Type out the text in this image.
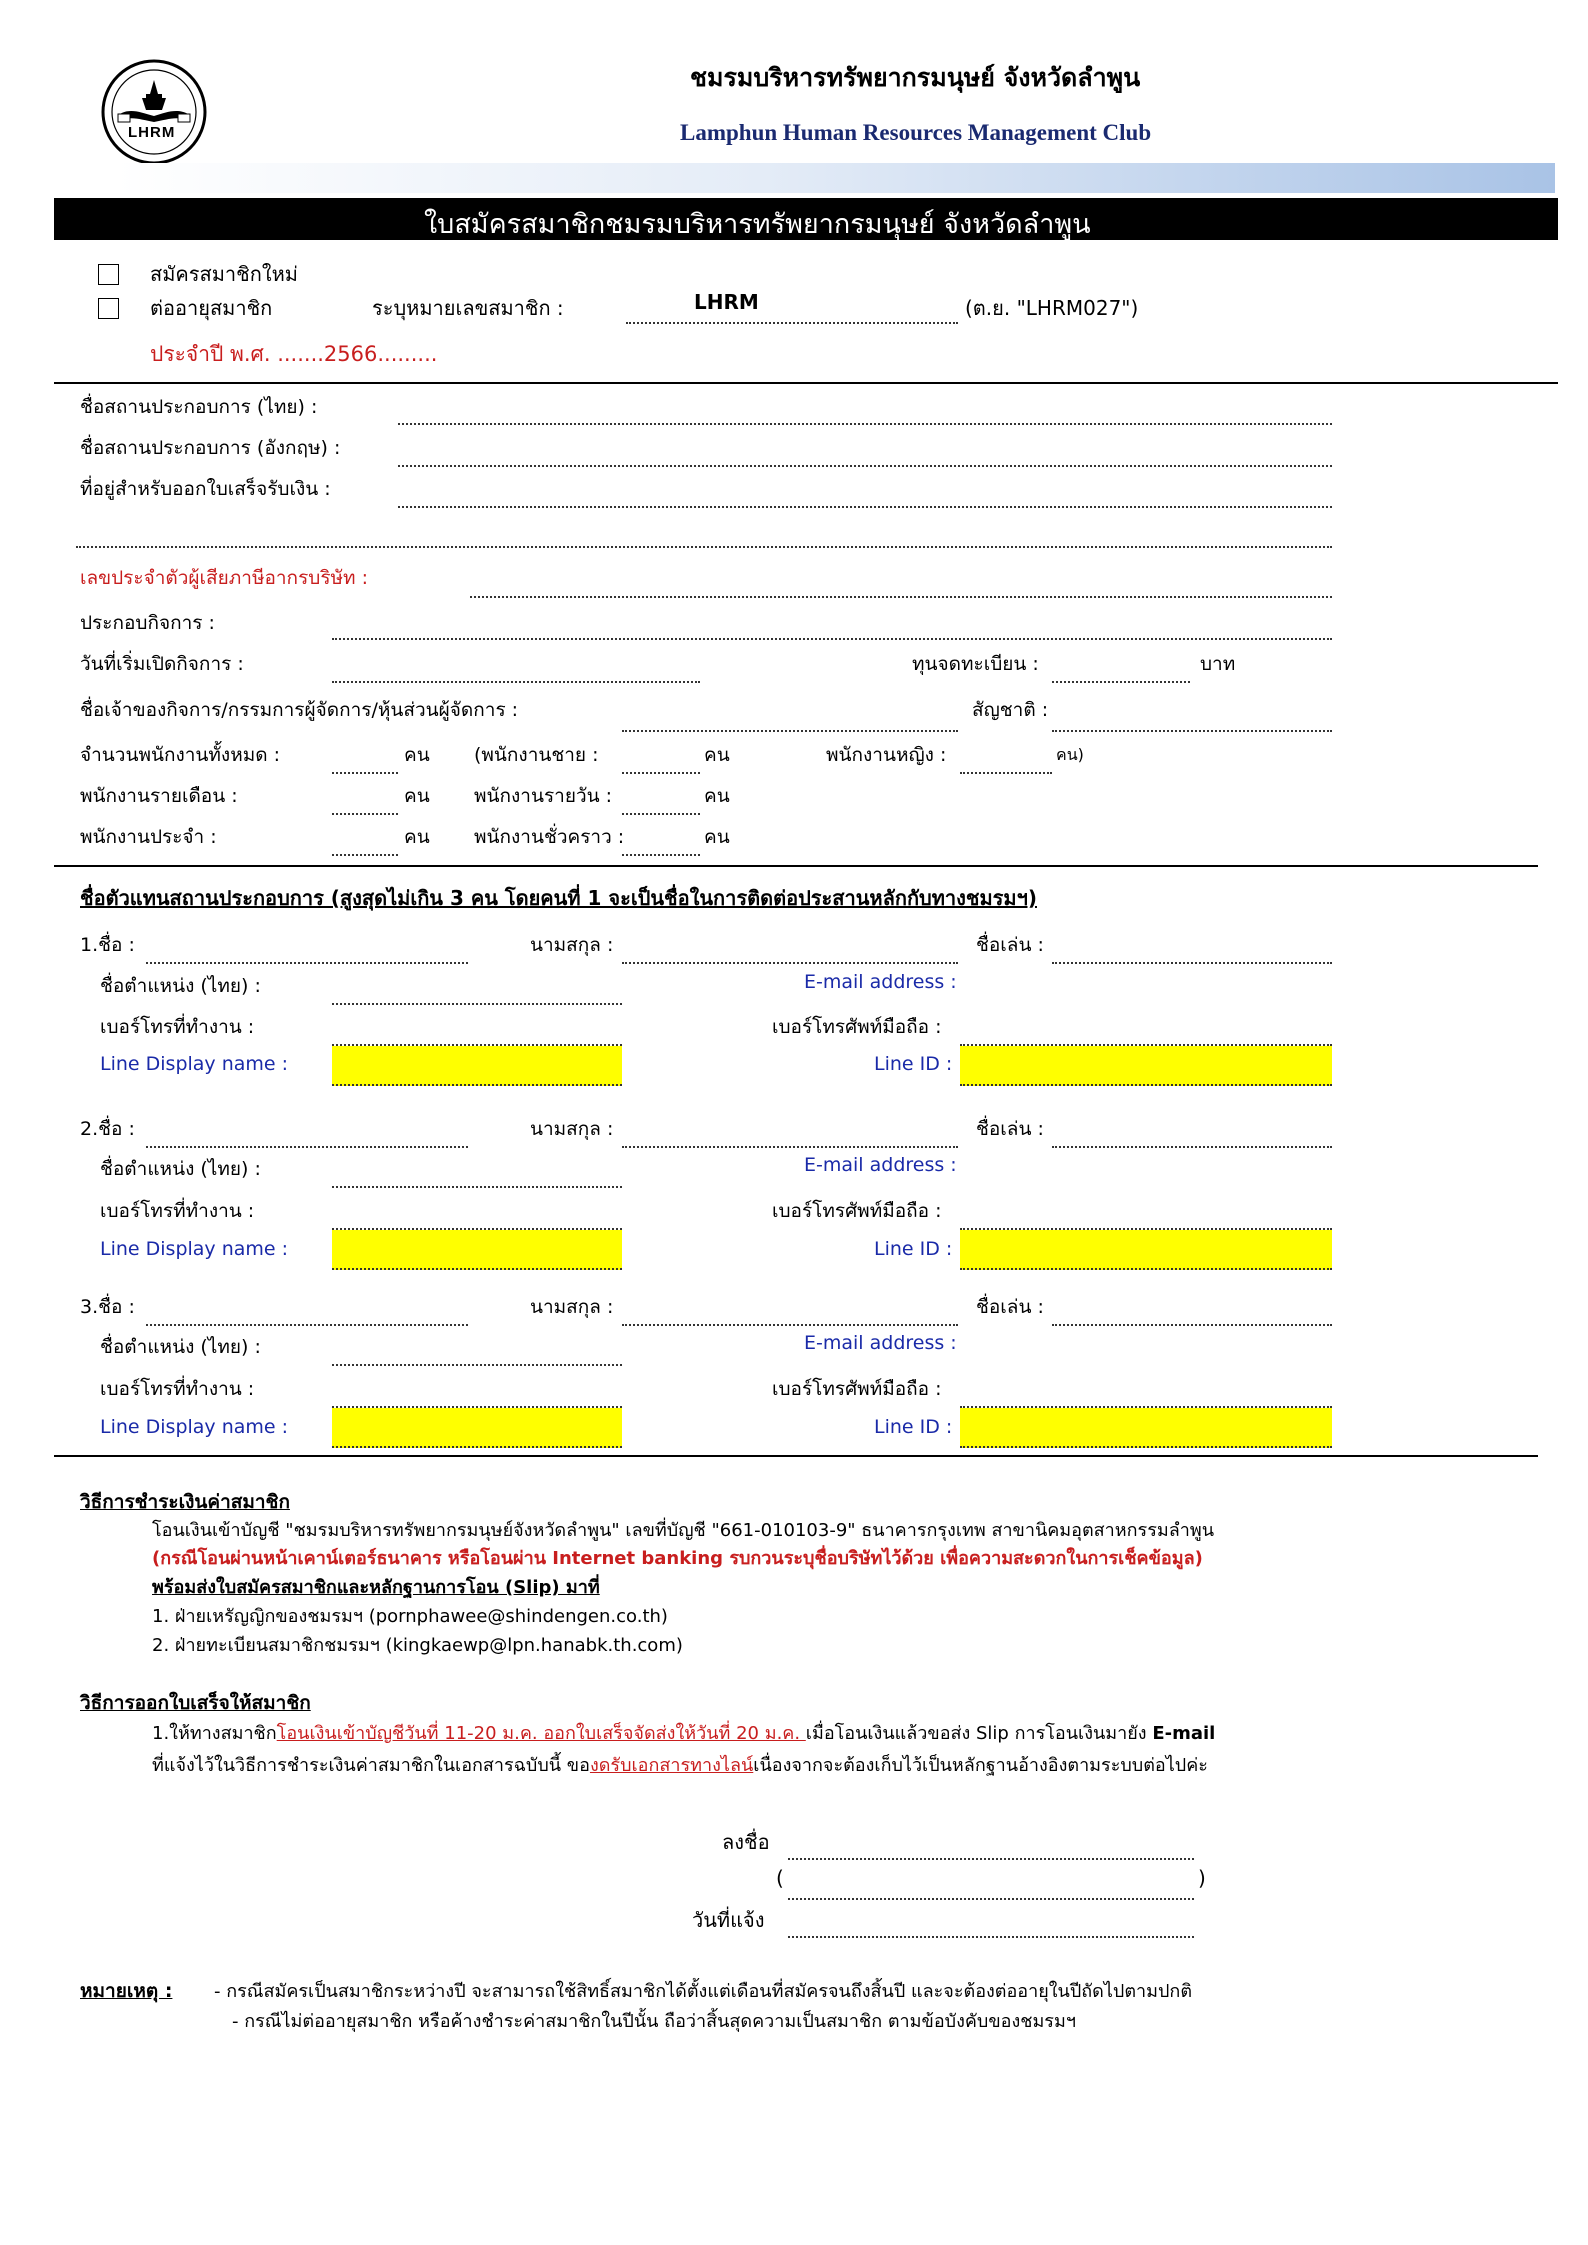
LHRM
ชมรมบริหารทรัพยากรมนุษย์ จังหวัดลำพูน
Lamphun Human Resources Management Club
ใบสมัครสมาชิกชมรมบริหารทรัพยากรมนุษย์ จังหวัดลำพูน
สมัครสมาชิกใหม่
ต่ออายุสมาชิก	ระบุหมายเลขสมาชิก :	LHRM	(ต.ย. "LHRM027")
ประจำปี พ.ศ. .......2566.........
ชื่อสถานประกอบการ (ไทย) :
ชื่อสถานประกอบการ (อังกฤษ) :
ที่อยู่สำหรับออกใบเสร็จรับเงิน :
เลขประจำตัวผู้เสียภาษีอากรบริษัท :
ประกอบกิจการ :
วันที่เริ่มเปิดกิจการ :	ทุนจดทะเบียน :	บาท
ชื่อเจ้าของกิจการ/กรรมการผู้จัดการ/หุ้นส่วนผู้จัดการ :	สัญชาติ :
จำนวนพนักงานทั้งหมด :	คน (พนักงานชาย :	คน	พนักงานหญิง :	คน)
พนักงานรายเดือน :	คน พนักงานรายวัน :	คน
พนักงานประจำ :	คน พนักงานชั่วคราว :	คน
ชื่อตัวแทนสถานประกอบการ (สูงสุดไม่เกิน 3 คน โดยคนที่ 1 จะเป็นชื่อในการติดต่อประสานหลักกับทางชมรมฯ)
1.ชื่อ :	นามสกุล :	ชื่อเล่น :
ชื่อตำแหน่ง (ไทย) :	E-mail address :
เบอร์โทรที่ทำงาน :	เบอร์โทรศัพท์มือถือ :
Line Display name :	Line ID :
2.ชื่อ :	นามสกุล :	ชื่อเล่น :
ชื่อตำแหน่ง (ไทย) :	E-mail address :
เบอร์โทรที่ทำงาน :	เบอร์โทรศัพท์มือถือ :
Line Display name :	Line ID :
3.ชื่อ :	นามสกุล :	ชื่อเล่น :
ชื่อตำแหน่ง (ไทย) :	E-mail address :
เบอร์โทรที่ทำงาน :	เบอร์โทรศัพท์มือถือ :
Line Display name :	Line ID :
วิธีการชำระเงินค่าสมาชิก
โอนเงินเข้าบัญชี "ชมรมบริหารทรัพยากรมนุษย์จังหวัดลำพูน" เลขที่บัญชี "661-010103-9" ธนาคารกรุงเทพ สาขานิคมอุตสาหกรรมลำพูน
(กรณีโอนผ่านหน้าเคาน์เตอร์ธนาคาร หรือโอนผ่าน Internet banking รบกวนระบุชื่อบริษัทไว้ด้วย เพื่อความสะดวกในการเช็คข้อมูล)
พร้อมส่งใบสมัครสมาชิกและหลักฐานการโอน (Slip) มาที่
1. ฝ่ายเหรัญญิกของชมรมฯ (pornphawee@shindengen.co.th)
2. ฝ่ายทะเบียนสมาชิกชมรมฯ (kingkaewp@lpn.hanabk.th.com)
วิธีการออกใบเสร็จให้สมาชิก
1.ให้ทางสมาชิกโอนเงินเข้าบัญชีวันที่ 11-20 ม.ค. ออกใบเสร็จจัดส่งให้วันที่ 20 ม.ค. เมื่อโอนเงินแล้วขอส่ง Slip การโอนเงินมายัง E-mail
ที่แจ้งไว้ในวิธีการชำระเงินค่าสมาชิกในเอกสารฉบับนี้ ของดรับเอกสารทางไลน์เนื่องจากจะต้องเก็บไว้เป็นหลักฐานอ้างอิงตามระบบต่อไปค่ะ
ลงชื่อ
(	)
วันที่แจ้ง
หมายเหตุ : - กรณีสมัครเป็นสมาชิกระหว่างปี จะสามารถใช้สิทธิ์สมาชิกได้ตั้งแต่เดือนที่สมัครจนถึงสิ้นปี และจะต้องต่ออายุในปีถัดไปตามปกติ
- กรณีไม่ต่ออายุสมาชิก หรือค้างชำระค่าสมาชิกในปีนั้น ถือว่าสิ้นสุดความเป็นสมาชิก ตามข้อบังคับของชมรมฯ
